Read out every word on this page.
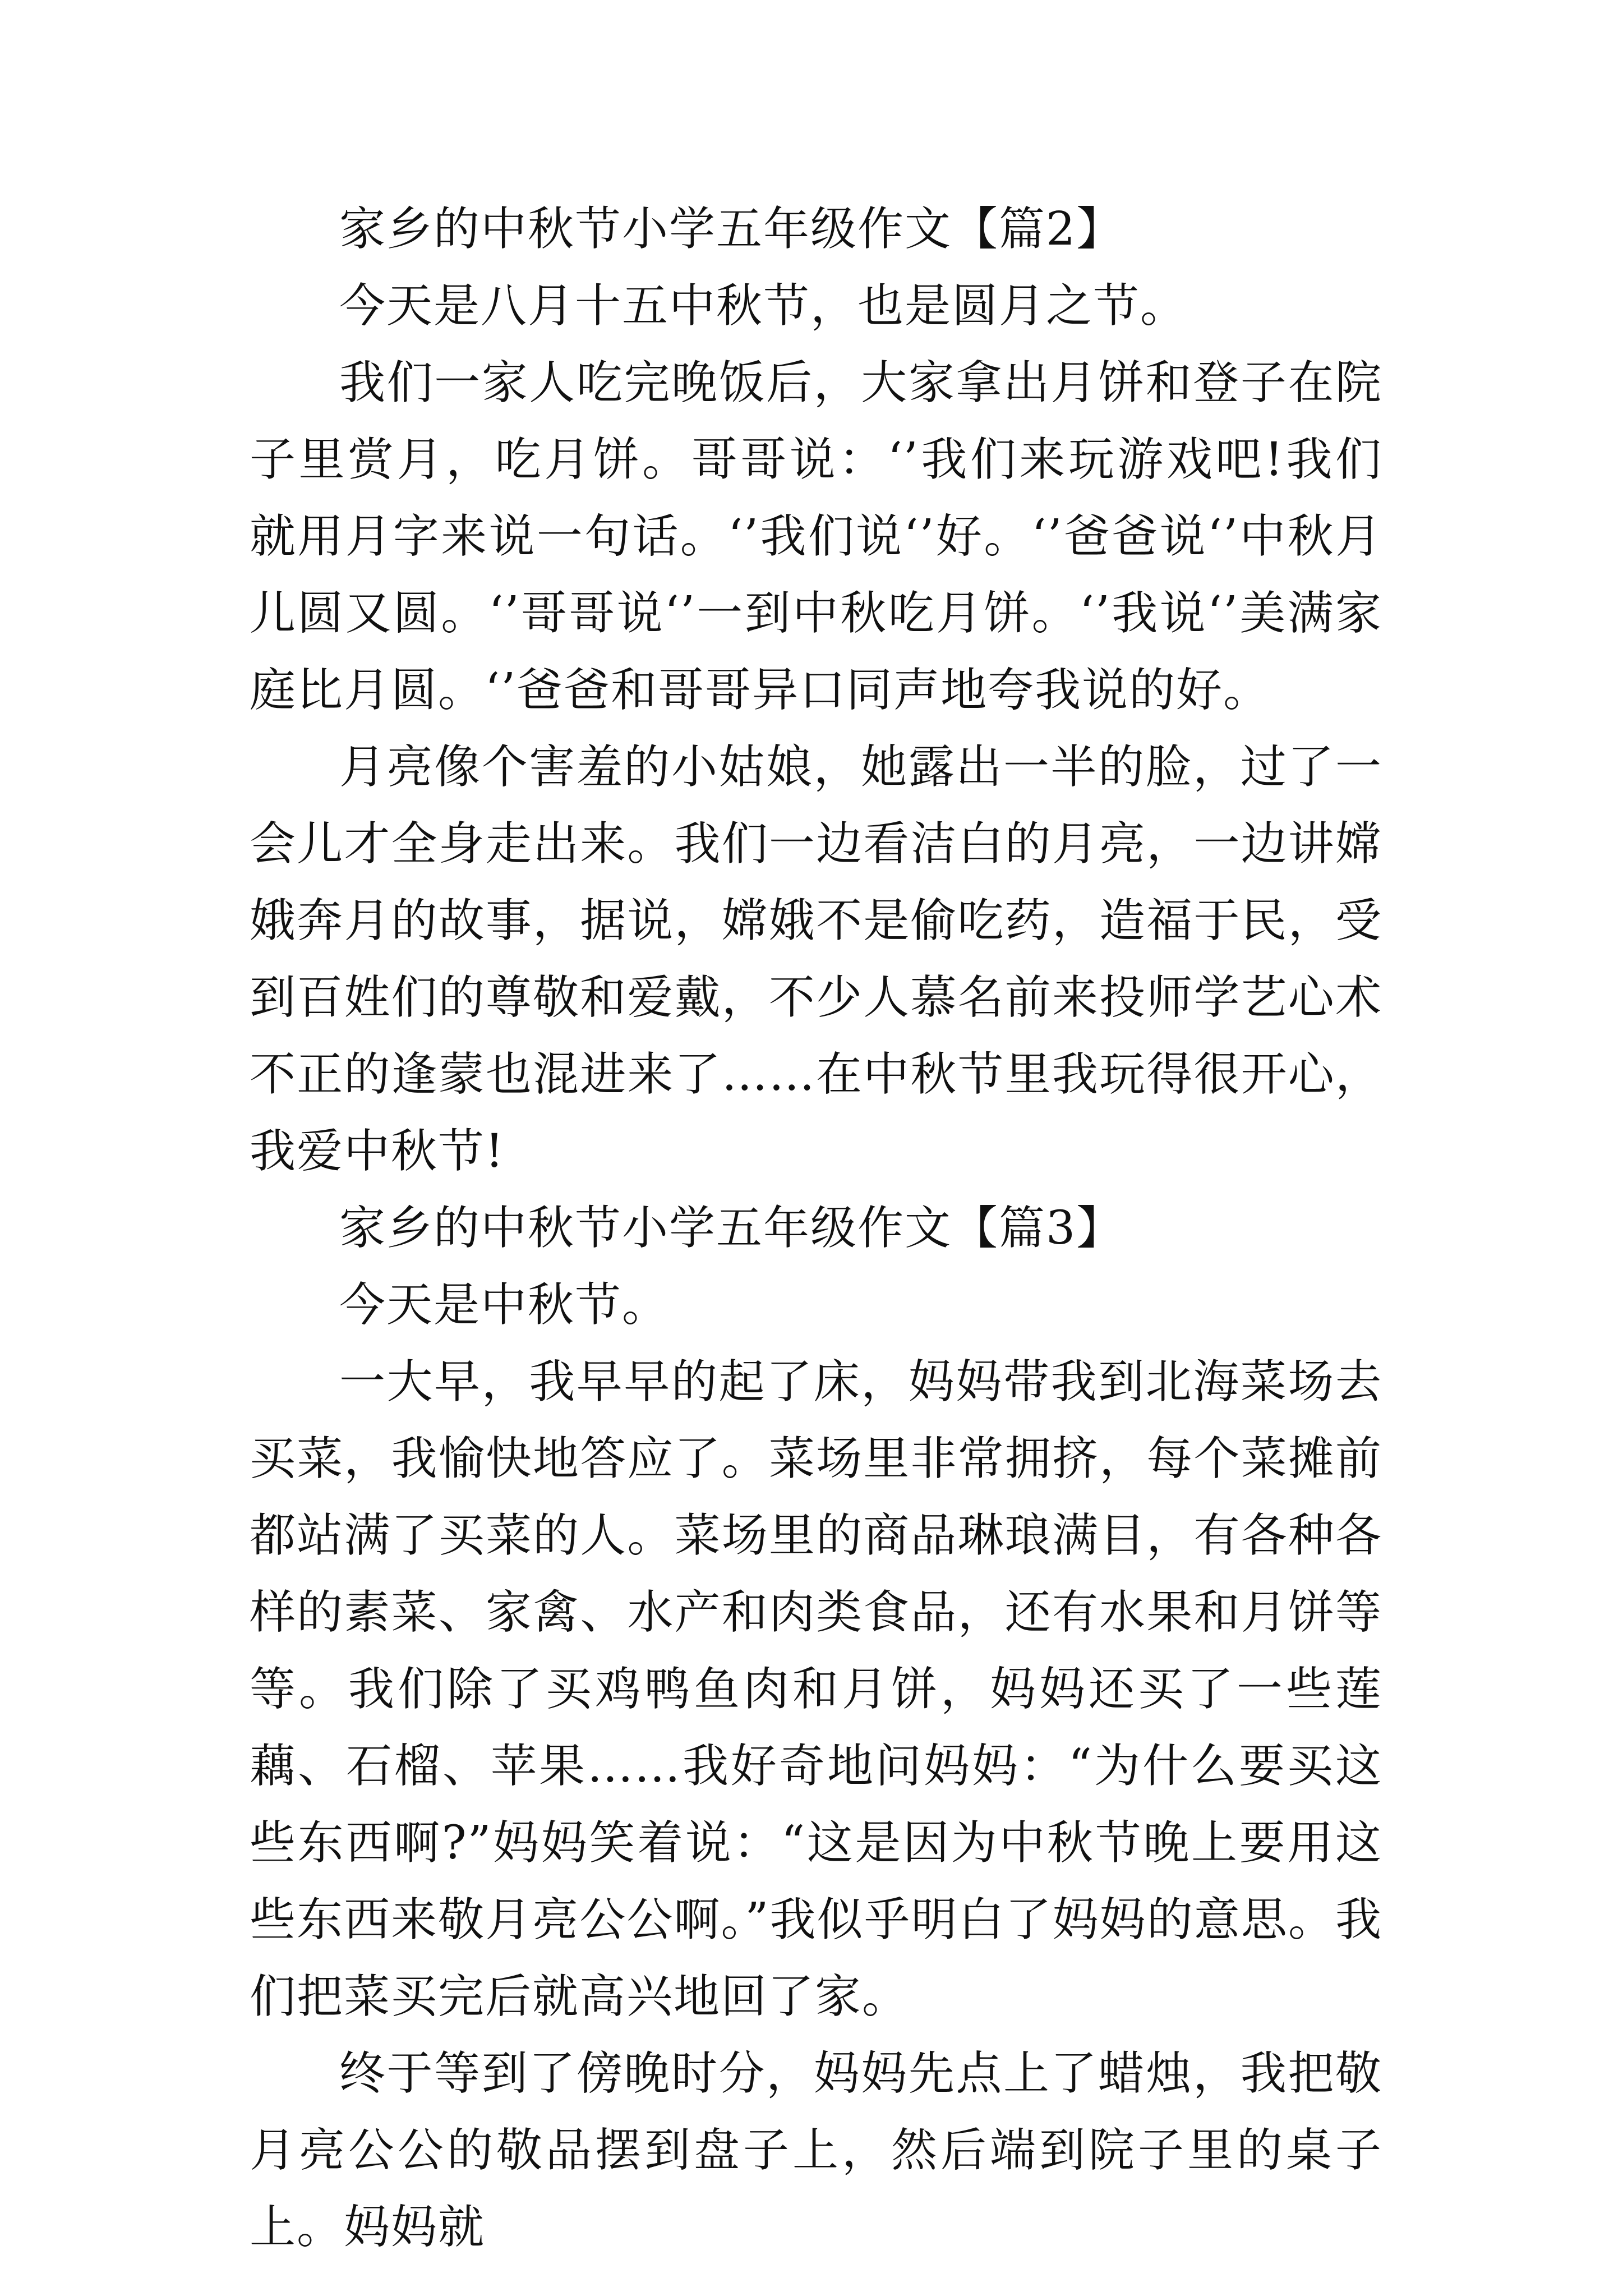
家乡的中秋节小学五年级作文【篇2】

今天是八月十五中秋节，也是圆月之节。

我们一家人吃完晚饭后，大家拿出月饼和登子在院子里赏月，吃月饼。哥哥说：‘’我们来玩游戏吧!我们就用月字来说一句话。‘’我们说‘’好。‘’爸爸说‘’中秋月儿圆又圆。‘’哥哥说‘’一到中秋吃月饼。‘’我说‘’美满家庭比月圆。‘’爸爸和哥哥异口同声地夸我说的好。

月亮像个害羞的小姑娘，她露出一半的脸，过了一会儿才全身走出来。我们一边看洁白的月亮，一边讲嫦娥奔月的故事，据说，嫦娥不是偷吃药，造福于民，受到百姓们的尊敬和爱戴，不少人慕名前来投师学艺心术不正的逢蒙也混进来了……在中秋节里我玩得很开心，我爱中秋节!

家乡的中秋节小学五年级作文【篇3】

今天是中秋节。

一大早，我早早的起了床，妈妈带我到北海菜场去买菜，我愉快地答应了。菜场里非常拥挤，每个菜摊前都站满了买菜的人。菜场里的商品琳琅满目，有各种各样的素菜、家禽、水产和肉类食品，还有水果和月饼等等。我们除了买鸡鸭鱼肉和月饼，妈妈还买了一些莲藕、石榴、苹果……我好奇地问妈妈：“为什么要买这些东西啊?”妈妈笑着说：“这是因为中秋节晚上要用这些东西来敬月亮公公啊。”我似乎明白了妈妈的意思。我们把菜买完后就高兴地回了家。

终于等到了傍晚时分，妈妈先点上了蜡烛，我把敬月亮公公的敬品摆到盘子上，然后端到院子里的桌子上。妈妈就
